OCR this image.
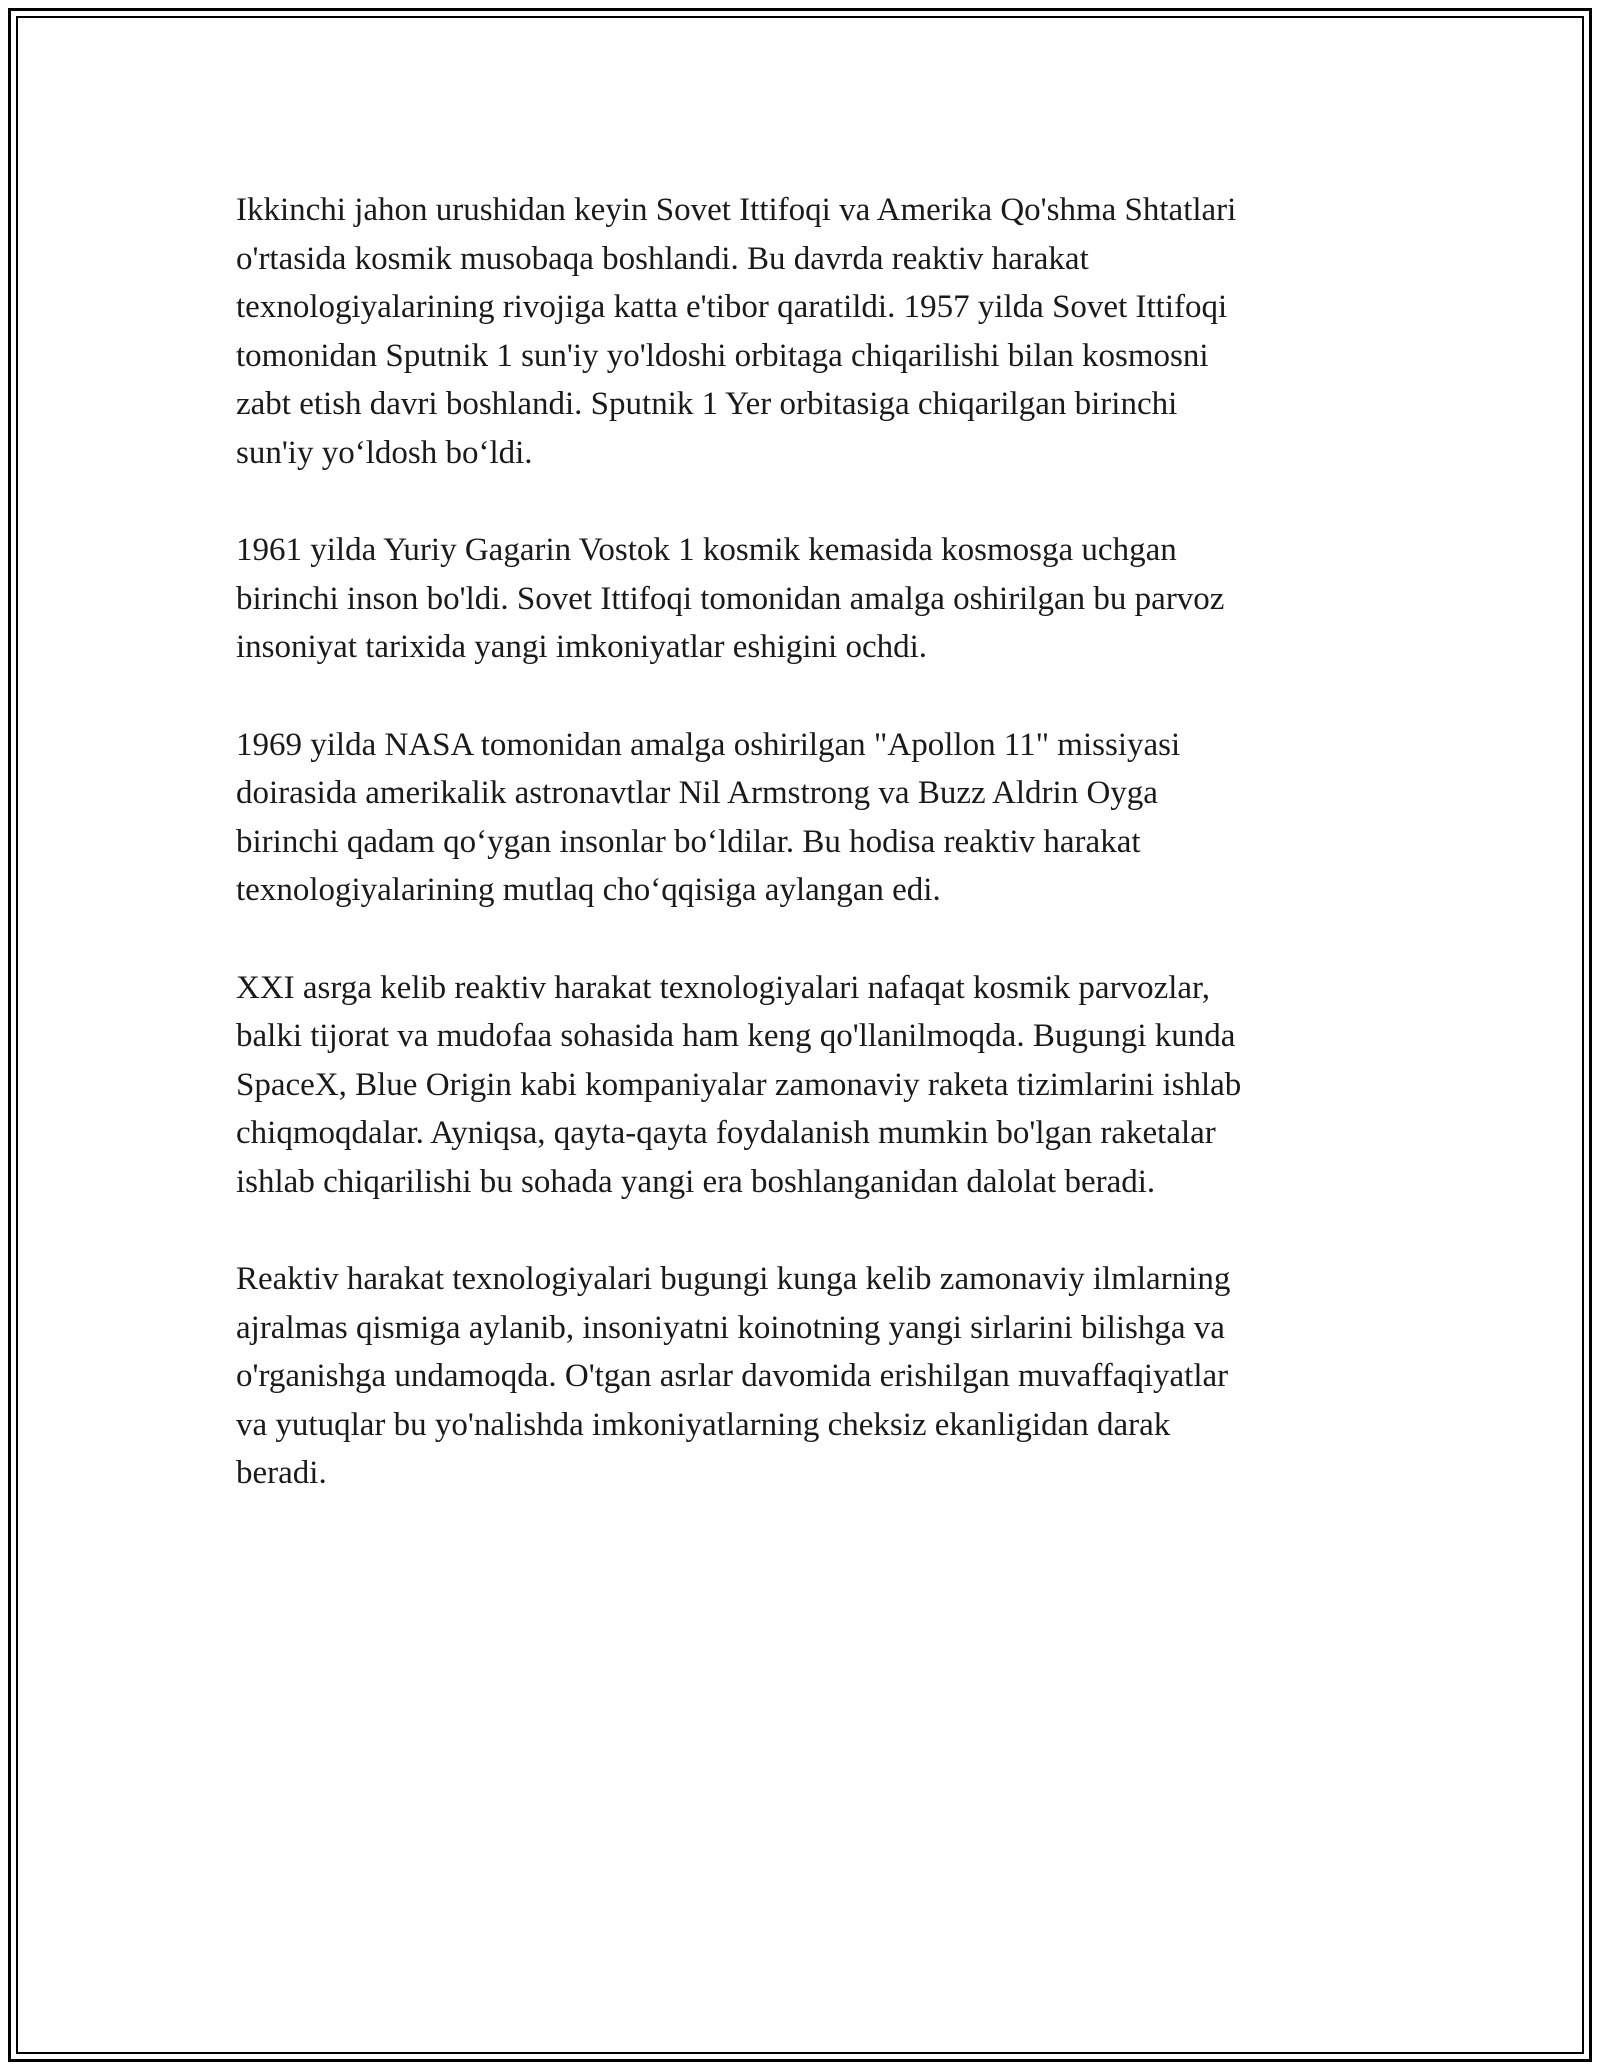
Ikkinchi jahon urushidan keyin Sovet Ittifoqi va Amerika Qo'shma Shtatlari
o'rtasida kosmik musobaqa boshlandi. Bu davrda reaktiv harakat
texnologiyalarining rivojiga katta e'tibor qaratildi. 1957 yilda Sovet Ittifoqi
tomonidan Sputnik 1 sun'iy yo'ldoshi orbitaga chiqarilishi bilan kosmosni
zabt etish davri boshlandi. Sputnik 1 Yer orbitasiga chiqarilgan birinchi
sun'iy yo‘ldosh bo‘ldi.

1961 yilda Yuriy Gagarin Vostok 1 kosmik kemasida kosmosga uchgan
birinchi inson bo'ldi. Sovet Ittifoqi tomonidan amalga oshirilgan bu parvoz
insoniyat tarixida yangi imkoniyatlar eshigini ochdi.

1969 yilda NASA tomonidan amalga oshirilgan "Apollon 11" missiyasi
doirasida amerikalik astronavtlar Nil Armstrong va Buzz Aldrin Oyga
birinchi qadam qo‘ygan insonlar bo‘ldilar. Bu hodisa reaktiv harakat
texnologiyalarining mutlaq cho‘qqisiga aylangan edi.

XXI asrga kelib reaktiv harakat texnologiyalari nafaqat kosmik parvozlar,
balki tijorat va mudofaa sohasida ham keng qo'llanilmoqda. Bugungi kunda
SpaceX, Blue Origin kabi kompaniyalar zamonaviy raketa tizimlarini ishlab
chiqmoqdalar. Ayniqsa, qayta-qayta foydalanish mumkin bo'lgan raketalar
ishlab chiqarilishi bu sohada yangi era boshlanganidan dalolat beradi.

Reaktiv harakat texnologiyalari bugungi kunga kelib zamonaviy ilmlarning
ajralmas qismiga aylanib, insoniyatni koinotning yangi sirlarini bilishga va
o'rganishga undamoqda. O'tgan asrlar davomida erishilgan muvaffaqiyatlar
va yutuqlar bu yo'nalishda imkoniyatlarning cheksiz ekanligidan darak
beradi.
